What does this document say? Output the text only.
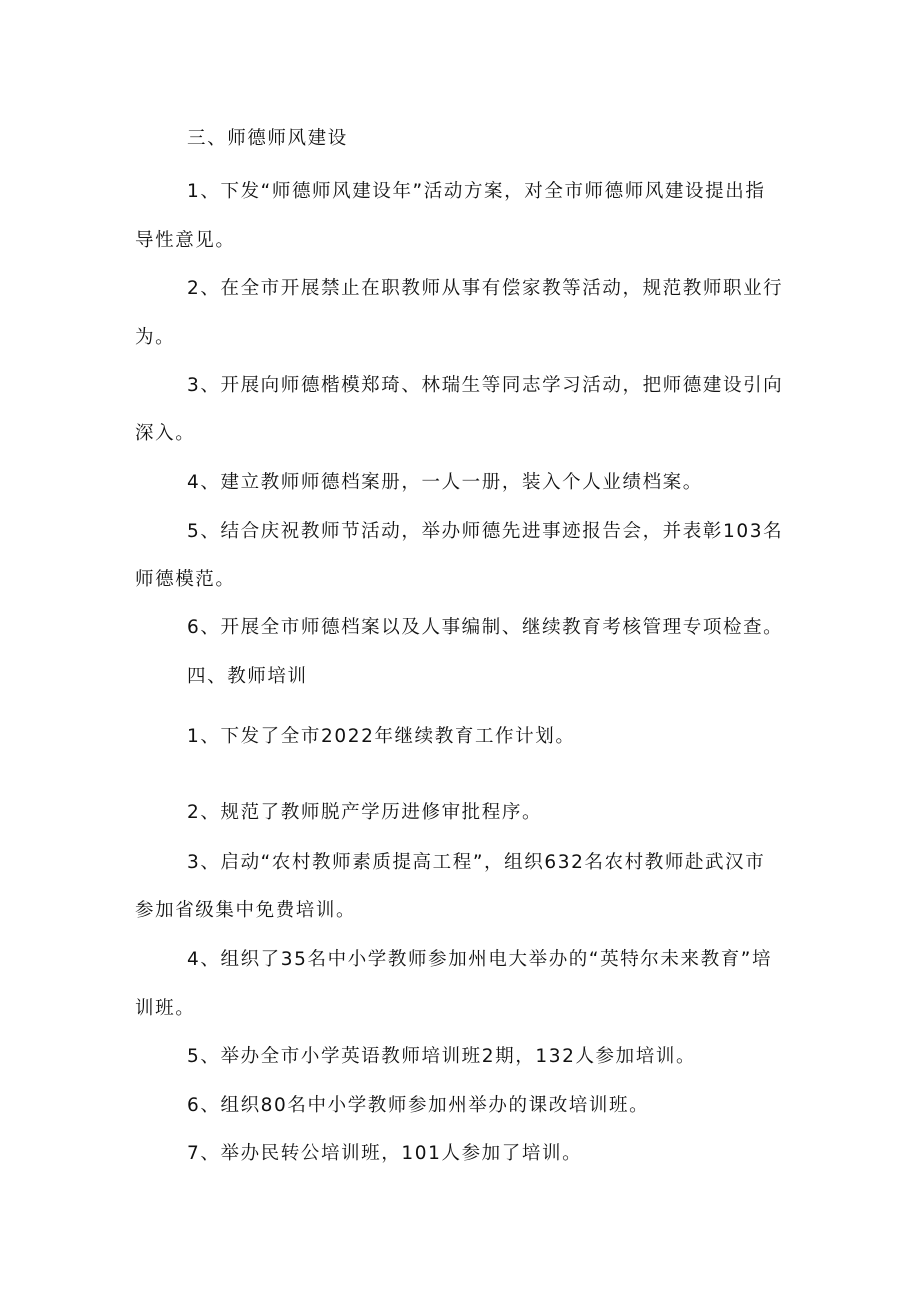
三、师德师风建设

1、下发“师德师风建设年”活动方案，对全市师德师风建设提出指

导性意见。

2、在全市开展禁止在职教师从事有偿家教等活动，规范教师职业行

为。

3、开展向师德楷模郑琦、林瑞生等同志学习活动，把师德建设引向

深入。

4、建立教师师德档案册，一人一册，装入个人业绩档案。

5、结合庆祝教师节活动，举办师德先进事迹报告会，并表彰103名

师德模范。

6、开展全市师德档案以及人事编制、继续教育考核管理专项检查。

四、教师培训

1、下发了全市2022年继续教育工作计划。

2、规范了教师脱产学历进修审批程序。

3、启动“农村教师素质提高工程”，组织632名农村教师赴武汉市

参加省级集中免费培训。

4、组织了35名中小学教师参加州电大举办的“英特尔未来教育”培

训班。

5、举办全市小学英语教师培训班2期，132人参加培训。

6、组织80名中小学教师参加州举办的课改培训班。

7、举办民转公培训班，101人参加了培训。
